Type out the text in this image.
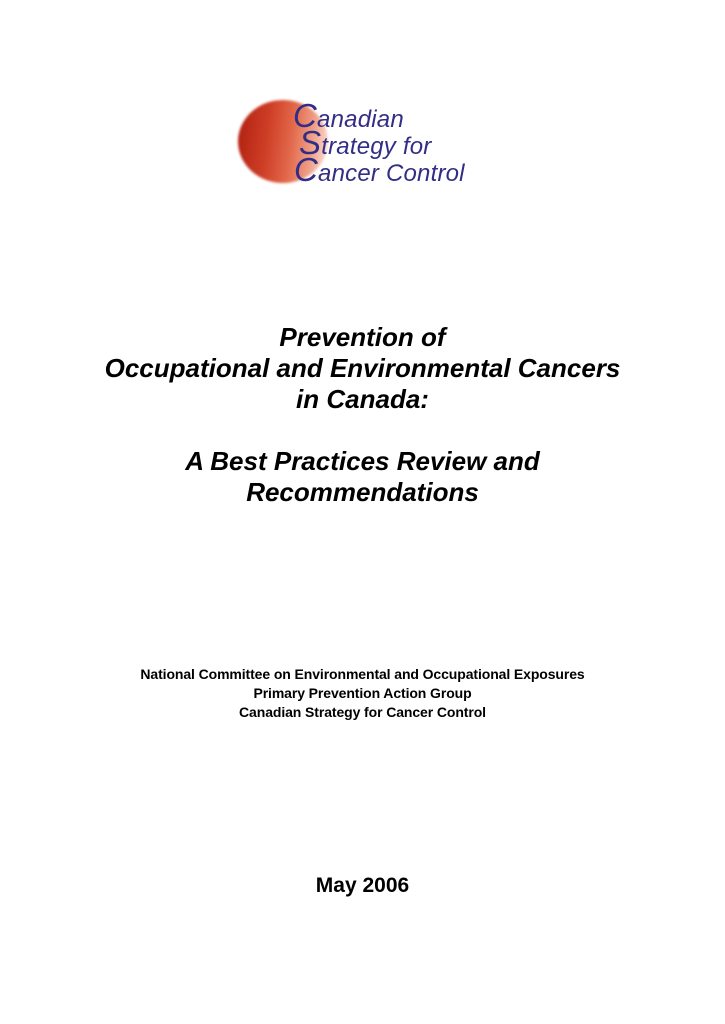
Canadian
Strategy for
Cancer Control
Prevention of
Occupational and Environmental Cancers
in Canada:
A Best Practices Review and
Recommendations
National Committee on Environmental and Occupational Exposures
Primary Prevention Action Group
Canadian Strategy for Cancer Control
May 2006
